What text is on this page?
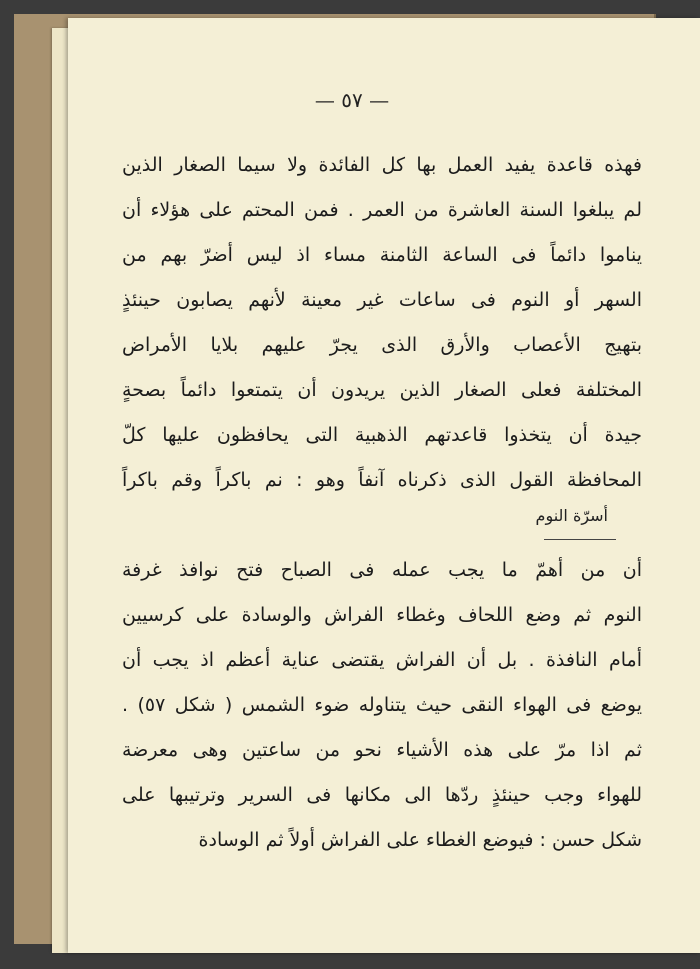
— ٥٧ —
فهذه قاعدة يفيد العمل بها كل الفائدة ولا سيما الصغار الذين
لم يبلغوا السنة العاشرة من العمر . فمن المحتم على هؤلاء أن
يناموا دائماً فى الساعة الثامنة مساء اذ ليس أضرّ بهم من
السهر أو النوم فى ساعات غير معينة لأنهم يصابون حينئذٍ
بتهيج الأعصاب والأرق الذى يجرّ عليهم بلايا الأمراض
المختلفة فعلى الصغار الذين يريدون أن يتمتعوا دائماً بصحةٍ
جيدة أن يتخذوا قاعدتهم الذهبية التى يحافظون عليها كلّ
المحافظة القول الذى ذكرناه آنفاً وهو : نم باكراً وقم باكراً
أسرّة النوم
أن من أهمّ ما يجب عمله فى الصباح فتح نوافذ غرفة
النوم ثم وضع اللحاف وغطاء الفراش والوسادة على كرسيين
أمام النافذة . بل أن الفراش يقتضى عناية أعظم اذ يجب أن
يوضع فى الهواء النقى حيث يتناوله ضوء الشمس ( شكل ٥٧) .
ثم اذا مرّ على هذه الأشياء نحو من ساعتين وهى معرضة
للهواء وجب حينئذٍ ردّها الى مكانها فى السرير وترتيبها على
شكل حسن : فيوضع الغطاء على الفراش أولاً ثم الوسادة
